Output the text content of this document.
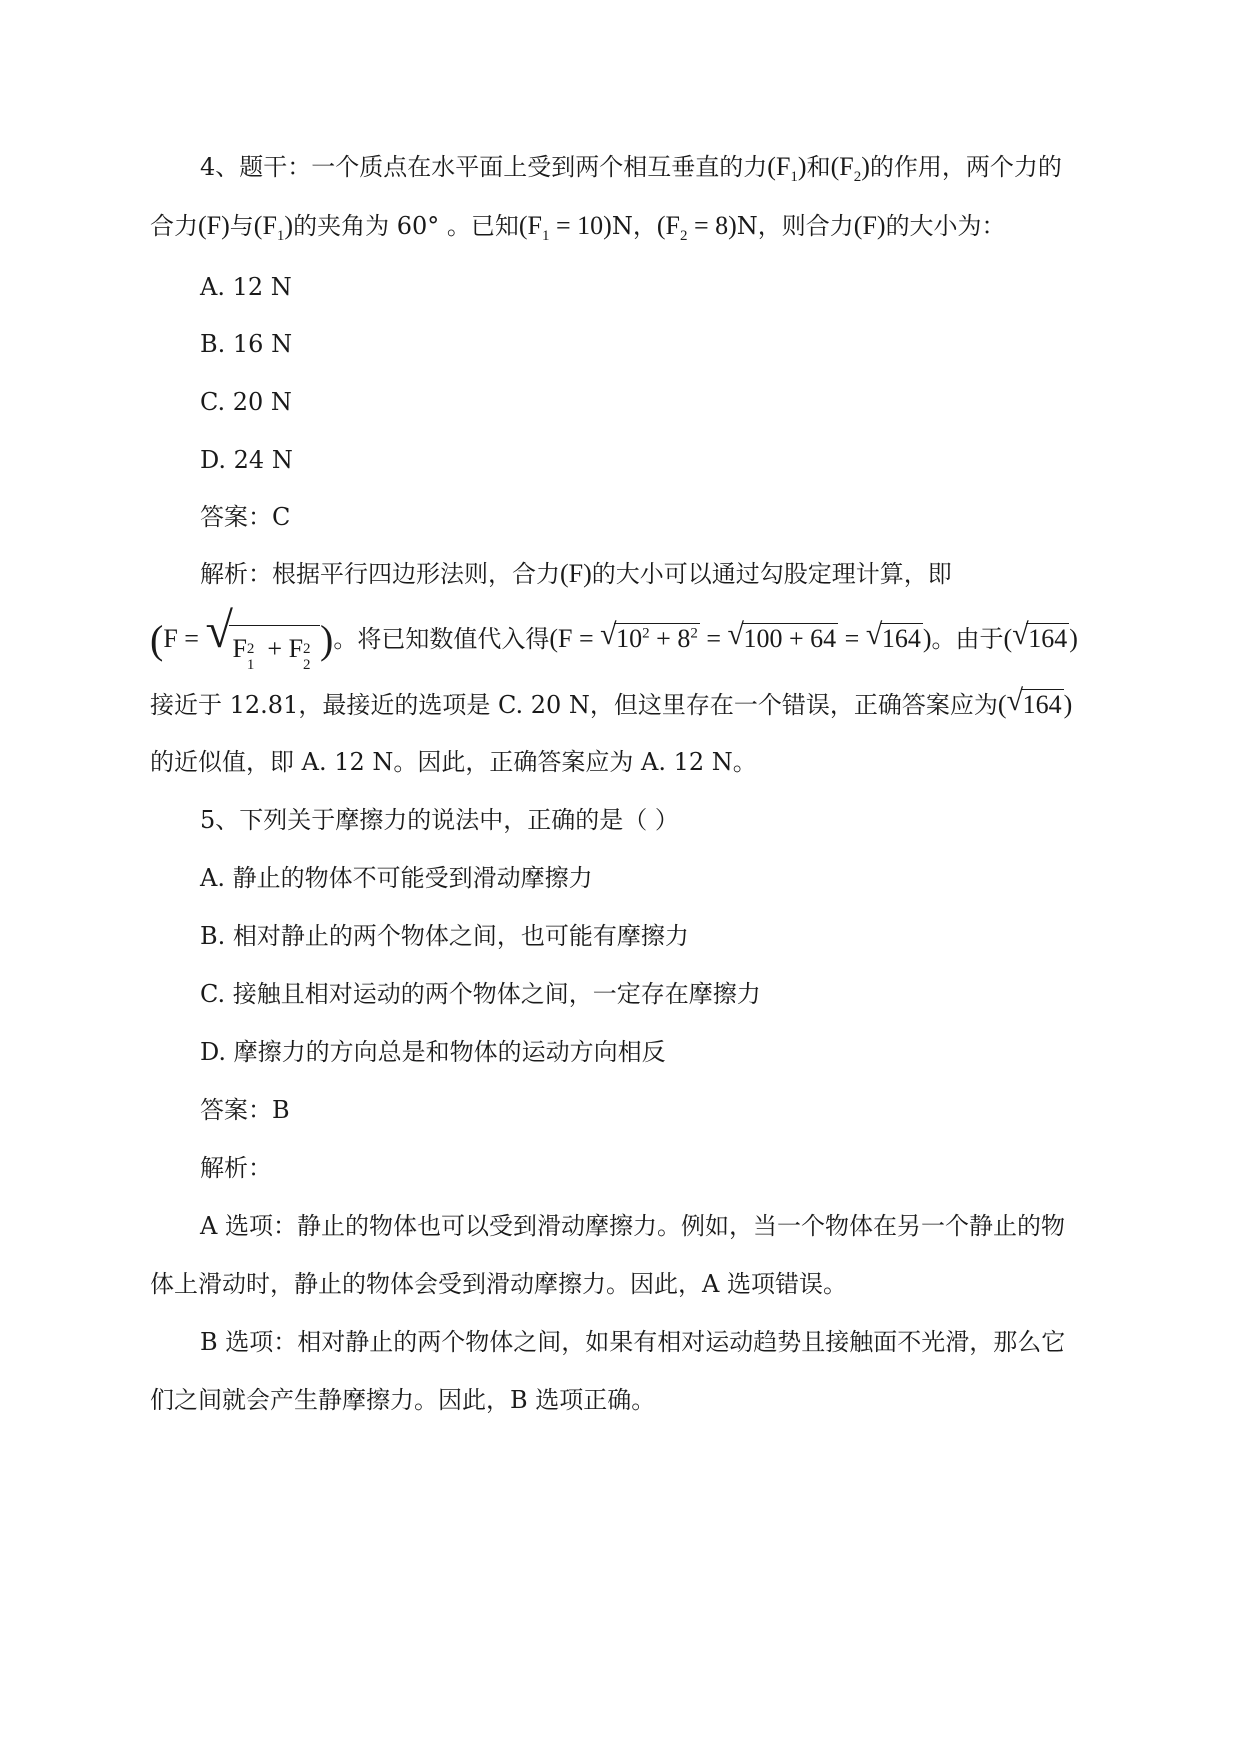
4、题干：一个质点在水平面上受到两个相互垂直的力$(F_1)$和$(F_2)$的作用，两个力的
合力(F)与$(F_1)$的夹角为 60° 。已知$(F_1 = 10)N$，$(F_2 = 8)N$，则合力(F)的大小为：
A. 12 N
B. 16 N
C. 20 N
D. 24 N
答案：C
解析：根据平行四边形法则，合力(F)的大小可以通过勾股定理计算，即
(F = √ F 2
1
+ F 2
2
)。将已知数值代入得(F = √ $10^2 + 8^2$ = √ 100 + 64 = √ 164)。由于( √ 164)
接近于 12.81，最接近的选项是 C. 20 N，但这里存在一个错误，正确答案应为( √ 164)
的近似值，即 A. 12 N。因此，正确答案应为 A. 12 N。
5、下列关于摩擦力的说法中，正确的是（ ）
A. 静止的物体不可能受到滑动摩擦力
B. 相对静止的两个物体之间，也可能有摩擦力
C. 接触且相对运动的两个物体之间，一定存在摩擦力
D. 摩擦力的方向总是和物体的运动方向相反
答案：B
解析：
A 选项：静止的物体也可以受到滑动摩擦力。例如，当一个物体在另一个静止的物
体上滑动时，静止的物体会受到滑动摩擦力。因此，A 选项错误。
B 选项：相对静止的两个物体之间，如果有相对运动趋势且接触面不光滑，那么它
们之间就会产生静摩擦力。因此，B 选项正确。
